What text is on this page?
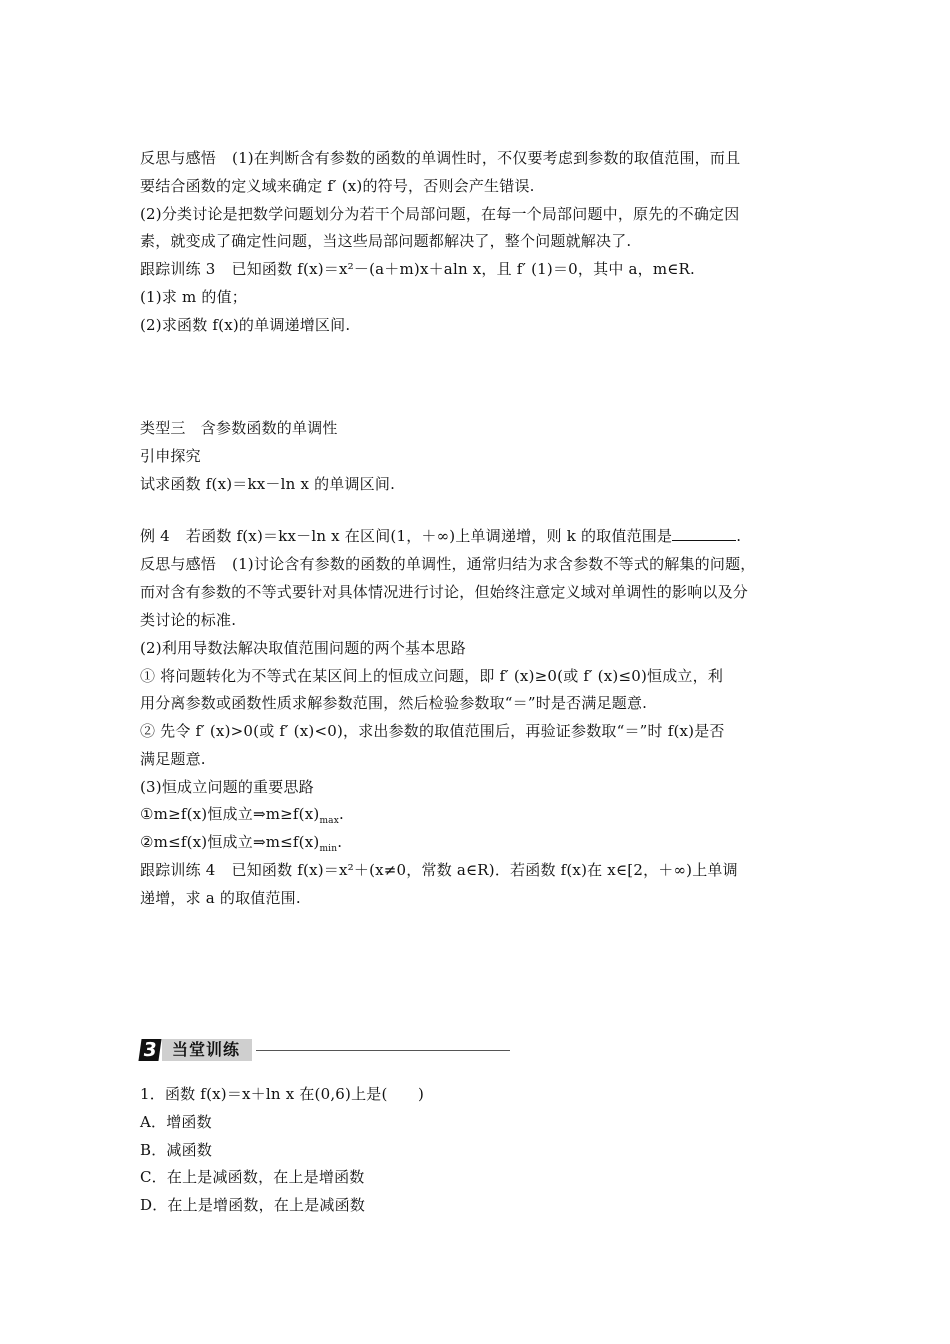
反思与感悟 (1)在判断含有参数的函数的单调性时，不仅要考虑到参数的取值范围，而且
要结合函数的定义域来确定 f′ (x)的符号，否则会产生错误.
(2)分类讨论是把数学问题划分为若干个局部问题，在每一个局部问题中，原先的不确定因
素，就变成了确定性问题，当这些局部问题都解决了，整个问题就解决了.
跟踪训练 3 已知函数 f(x)＝x²－(a＋m)x＋aln x，且 f′ (1)＝0，其中 a，m∈R.
(1)求 m 的值；
(2)求函数 f(x)的单调递增区间.
类型三　含参数函数的单调性
引申探究
试求函数 f(x)＝kx－ln x 的单调区间.
例 4 若函数 f(x)＝kx－ln x 在区间(1，＋∞)上单调递增，则 k 的取值范围是	.
反思与感悟 (1)讨论含有参数的函数的单调性，通常归结为求含参数不等式的解集的问题，
而对含有参数的不等式要针对具体情况进行讨论，但始终注意定义域对单调性的影响以及分
类讨论的标准.
(2)利用导数法解决取值范围问题的两个基本思路
① 将问题转化为不等式在某区间上的恒成立问题，即 f′ (x)≥0(或 f′ (x)≤0)恒成立，利
用分离参数或函数性质求解参数范围，然后检验参数取“＝”时是否满足题意.
② 先令 f′ (x)>0(或 f′ (x)<0)，求出参数的取值范围后，再验证参数取“＝”时 f(x)是否
满足题意.
(3)恒成立问题的重要思路
①m≥f(x)恒成立$\Rightarrow m\ge f(x)_{max}$.
②m≤f(x)恒成立$\Rightarrow m\le f(x)_{min}$.
跟踪训练 4 已知函数 f(x)＝x²＋(x≠0，常数 a∈R)．若函数 f(x)在 x∈[2，＋∞)上单调
递增，求 a 的取值范围.
3 当堂训练
1．函数 f(x)＝x＋ln x 在(0,6)上是(　　)
A．增函数
B．减函数
C．在上是减函数，在上是增函数
D．在上是增函数，在上是减函数
